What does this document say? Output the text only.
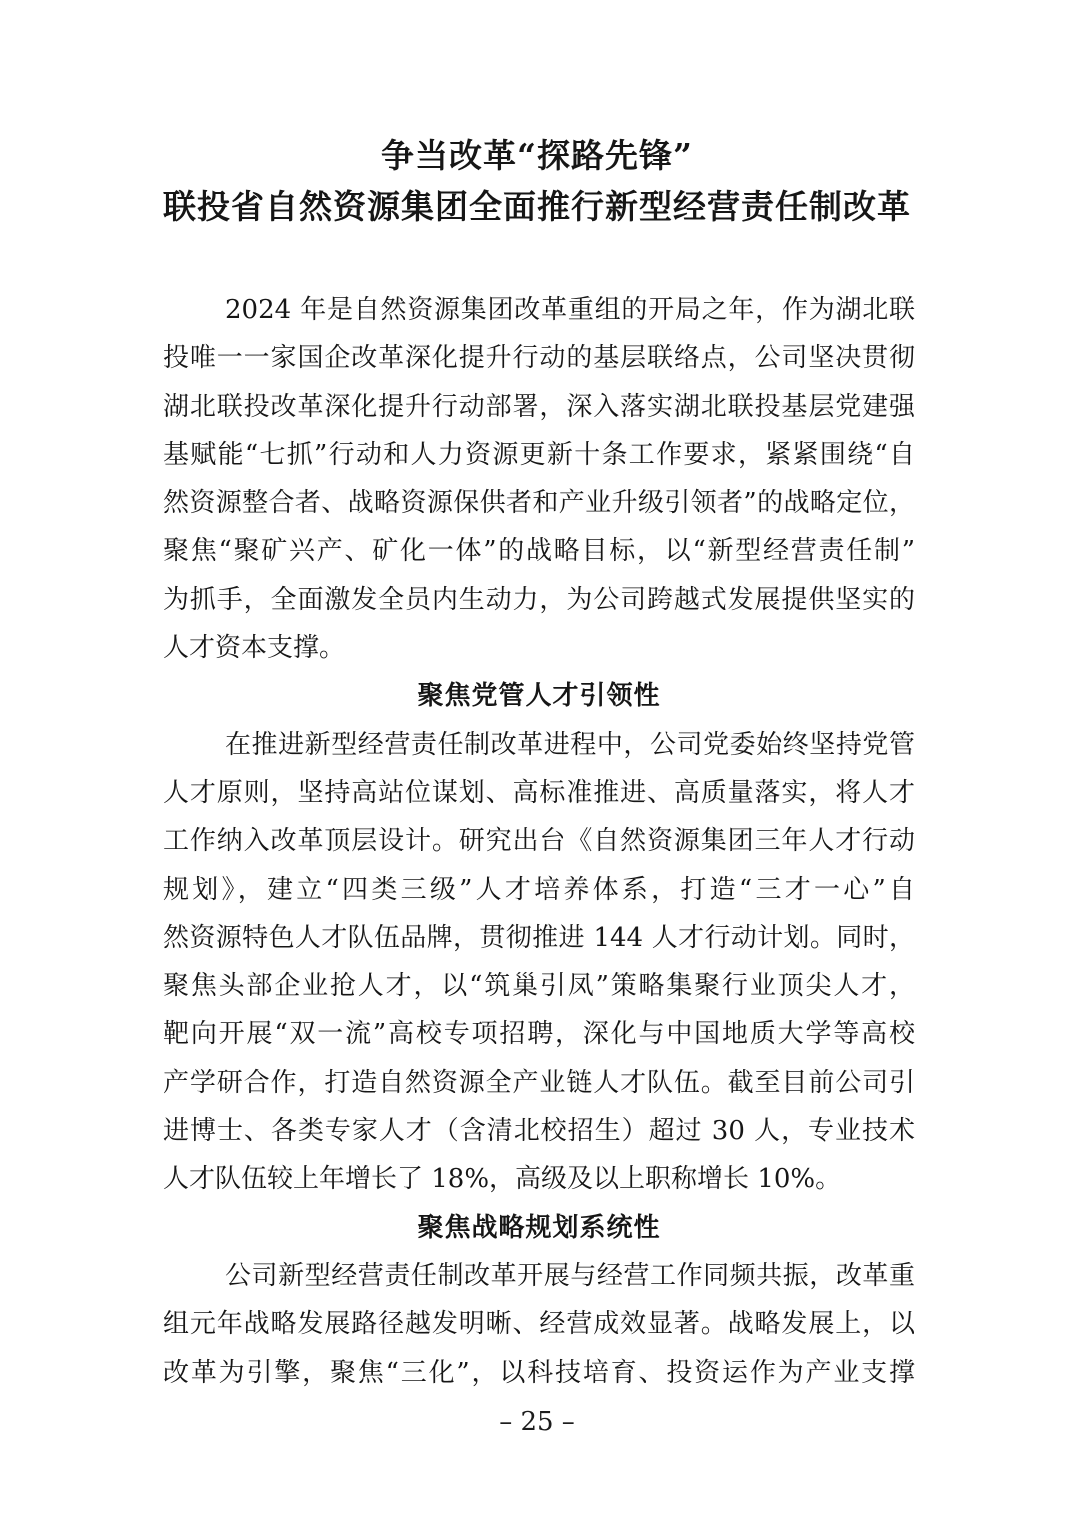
争当改革“探路先锋”
联投省自然资源集团全面推行新型经营责任制改革
2024 年是自然资源集团改革重组的开局之年，作为湖北联
投唯一一家国企改革深化提升行动的基层联络点，公司坚决贯彻
湖北联投改革深化提升行动部署，深入落实湖北联投基层党建强
基赋能“七抓”行动和人力资源更新十条工作要求，紧紧围绕“自
然资源整合者、战略资源保供者和产业升级引领者”的战略定位，
聚焦“聚矿兴产、矿化一体”的战略目标，以“新型经营责任制”
为抓手，全面激发全员内生动力，为公司跨越式发展提供坚实的
人才资本支撑。
聚焦党管人才引领性
在推进新型经营责任制改革进程中，公司党委始终坚持党管
人才原则，坚持高站位谋划、高标准推进、高质量落实，将人才
工作纳入改革顶层设计。研究出台《自然资源集团三年人才行动
规划》，建立“四类三级”人才培养体系，打造“三才一心”自
然资源特色人才队伍品牌，贯彻推进 144 人才行动计划。同时，
聚焦头部企业抢人才，以“筑巢引凤”策略集聚行业顶尖人才，
靶向开展“双一流”高校专项招聘，深化与中国地质大学等高校
产学研合作，打造自然资源全产业链人才队伍。截至目前公司引
进博士、各类专家人才（含清北校招生）超过 30 人，专业技术
人才队伍较上年增长了 18%，高级及以上职称增长 10%。
聚焦战略规划系统性
公司新型经营责任制改革开展与经营工作同频共振，改革重
组元年战略发展路径越发明晰、经营成效显著。战略发展上，以
改革为引擎，聚焦“三化”，以科技培育、投资运作为产业支撑
– 25 –
